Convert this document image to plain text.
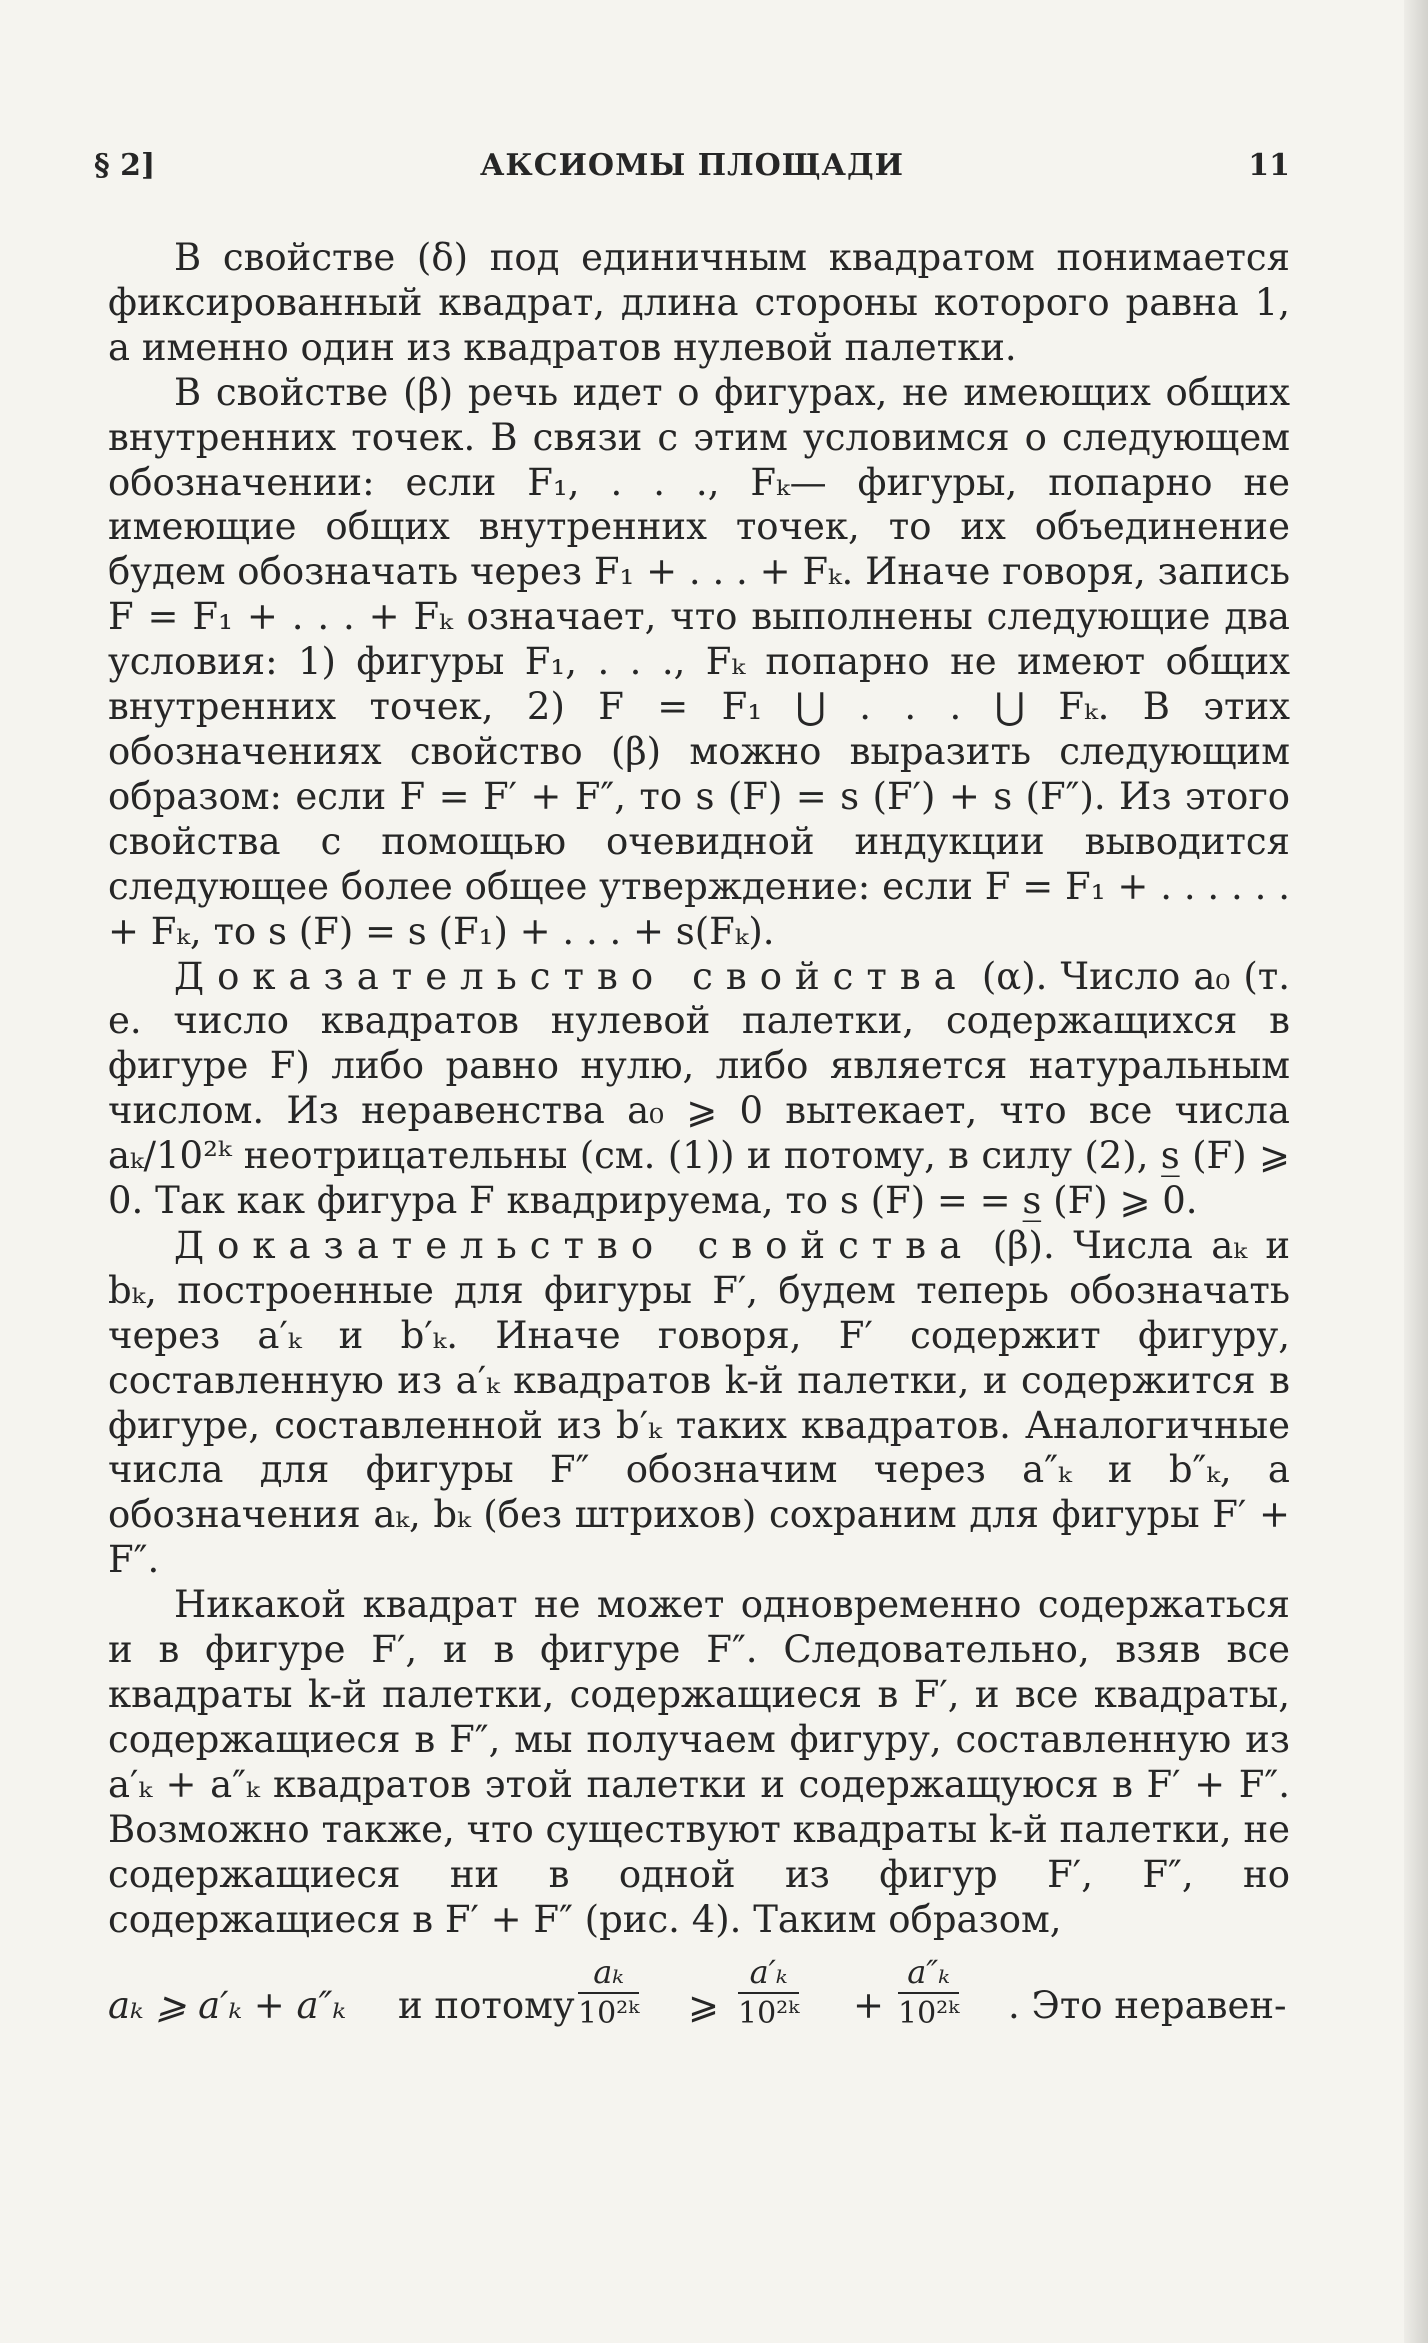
§ 2]	АКСИОМЫ ПЛОЩАДИ	11

В свойстве (δ) под единичным квадратом понимается фиксированный квадрат, длина стороны которого равна 1, а именно один из квадратов нулевой палетки.

В свойстве (β) речь идет о фигурах, не имеющих общих внутренних точек. В связи с этим условимся о следующем обозначении: если F₁, . . ., Fₖ— фигуры, попарно не имеющие общих внутренних точек, то их объединение будем обозначать через F₁ + . . . + Fₖ. Иначе говоря, запись F = F₁ + . . . + Fₖ означает, что выполнены следующие два условия: 1) фигуры F₁, . . ., Fₖ попарно не имеют общих внутренних точек, 2) F = F₁ ⋃ . . . ⋃ Fₖ. В этих обозначениях свойство (β) можно выразить следующим образом: если F = F′ + F″, то s (F) = s (F′) + s (F″). Из этого свойства с помощью очевидной индукции выводится следующее более общее утверждение: если F = F₁ + . . . . . . + Fₖ, то s (F) = s (F₁) + . . . + s(Fₖ).

Доказательство свойства (α). Число a₀ (т. е. число квадратов нулевой палетки, содержащихся в фигуре F) либо равно нулю, либо является натуральным числом. Из неравенства a₀ ⩾ 0 вытекает, что все числа aₖ/10²ᵏ неотрицательны (см. (1)) и потому, в силу (2), s̲ (F) ⩾ 0. Так как фигура F квадрируема, то s (F) = = s̲ (F) ⩾ 0.

Доказательство свойства (β). Числа aₖ и bₖ, построенные для фигуры F′, будем теперь обозначать через a′ₖ и b′ₖ. Иначе говоря, F′ содержит фигуру, составленную из a′ₖ квадратов k-й палетки, и содержится в фигуре, составленной из b′ₖ таких квадратов. Аналогичные числа для фигуры F″ обозначим через a″ₖ и b″ₖ, а обозначения aₖ, bₖ (без штрихов) сохраним для фигуры F′ + F″.

Никакой квадрат не может одновременно содержаться и в фигуре F′, и в фигуре F″. Следовательно, взяв все квадраты k-й палетки, содержащиеся в F′, и все квадраты, содержащиеся в F″, мы получаем фигуру, составленную из a′ₖ + a″ₖ квадратов этой палетки и содержащуюся в F′ + F″. Возможно также, что существуют квадраты k-й палетки, не содержащиеся ни в одной из фигур F′, F″, но содержащиеся в F′ + F″ (рис. 4). Таким образом,

aₖ ⩾ a′ₖ + a″ₖ и потому $\frac{\text{aₖ}}{\text{10²ᵏ}}$ ⩾ $\frac{\text{a′ₖ}}{\text{10²ᵏ}} + \frac{\text{a″ₖ}}{\text{10²ᵏ}}$ . Это неравен-
